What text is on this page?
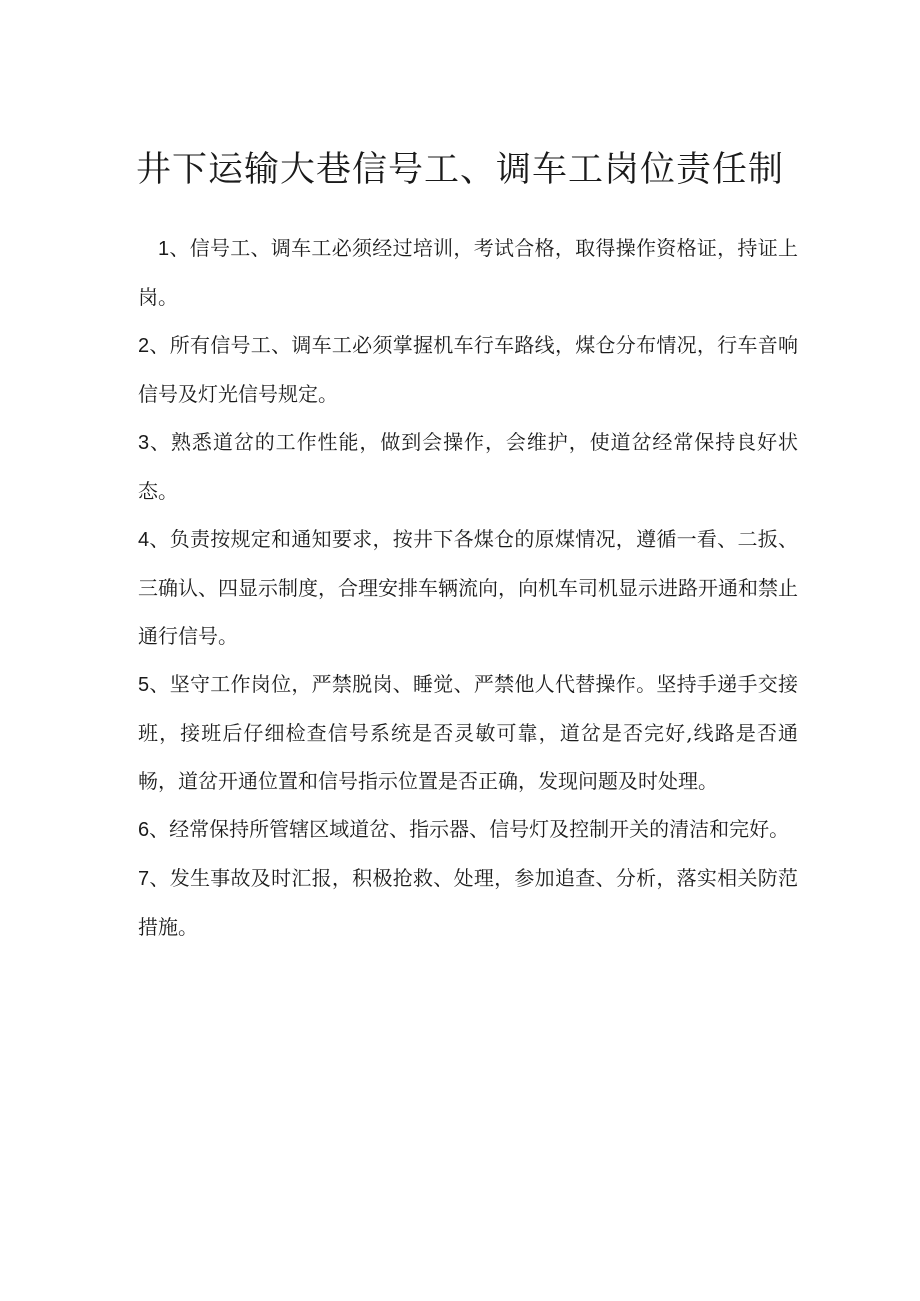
井下运输大巷信号工、调车工岗位责任制
1、信号工、调车工必须经过培训，考试合格，取得操作资格证，持证上岗。
2、所有信号工、调车工必须掌握机车行车路线，煤仓分布情况，行车音响信号及灯光信号规定。
3、熟悉道岔的工作性能，做到会操作，会维护，使道岔经常保持良好状态。
4、负责按规定和通知要求，按井下各煤仓的原煤情况，遵循一看、二扳、三确认、四显示制度，合理安排车辆流向，向机车司机显示进路开通和禁止通行信号。
5、坚守工作岗位，严禁脱岗、睡觉、严禁他人代替操作。坚持手递手交接班，接班后仔细检查信号系统是否灵敏可靠，道岔是否完好,线路是否通畅，道岔开通位置和信号指示位置是否正确，发现问题及时处理。
6、经常保持所管辖区域道岔、指示器、信号灯及控制开关的清洁和完好。
7、发生事故及时汇报，积极抢救、处理，参加追查、分析，落实相关防范措施。
